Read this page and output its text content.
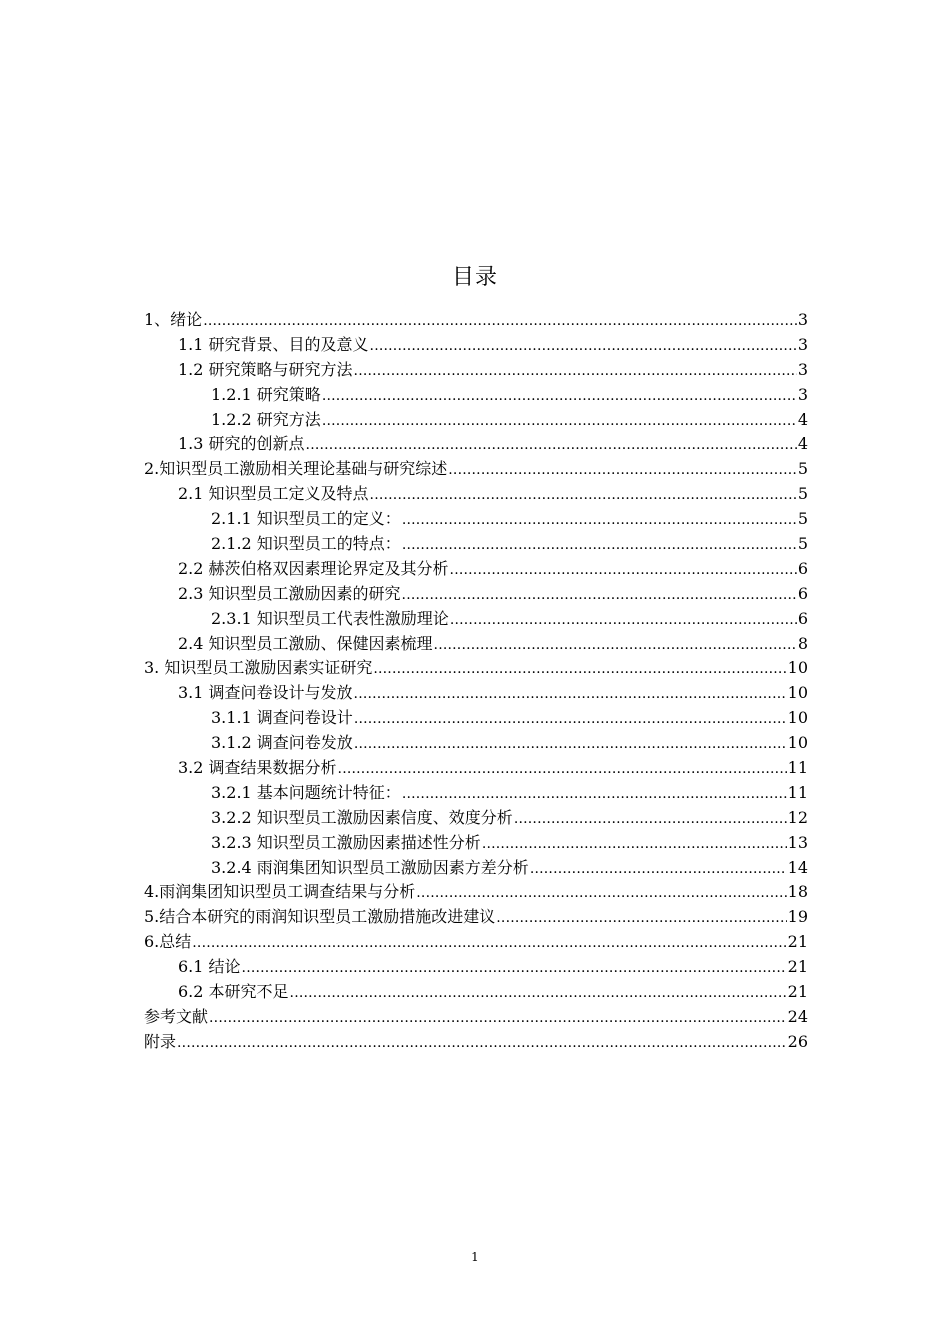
目录
1、绪论 .....	3
1.1 研究背景、目的及意义 .....	3
1.2 研究策略与研究方法 .....	3
1.2.1 研究策略 .....	3
1.2.2 研究方法 .....	4
1.3 研究的创新点 .....	4
2.知识型员工激励相关理论基础与研究综述 .....	5
2.1 知识型员工定义及特点 .....	5
2.1.1 知识型员工的定义： .....	5
2.1.2 知识型员工的特点： .....	5
2.2 赫茨伯格双因素理论界定及其分析 .....	6
2.3 知识型员工激励因素的研究 .....	6
2.3.1 知识型员工代表性激励理论 .....	6
2.4 知识型员工激励、保健因素梳理 .....	8
3. 知识型员工激励因素实证研究 .....	10
3.1 调查问卷设计与发放 .....	10
3.1.1 调查问卷设计 .....	10
3.1.2 调查问卷发放 .....	10
3.2 调查结果数据分析 .....	11
3.2.1 基本问题统计特征： .....	11
3.2.2 知识型员工激励因素信度、效度分析 .....	12
3.2.3 知识型员工激励因素描述性分析 .....	13
3.2.4 雨润集团知识型员工激励因素方差分析 .....	14
4.雨润集团知识型员工调查结果与分析 .....	18
5.结合本研究的雨润知识型员工激励措施改进建议 .....	19
6.总结 .....	21
6.1 结论 .....	21
6.2 本研究不足 .....	21
参考文献 .....	24
附录 .....	26
1
